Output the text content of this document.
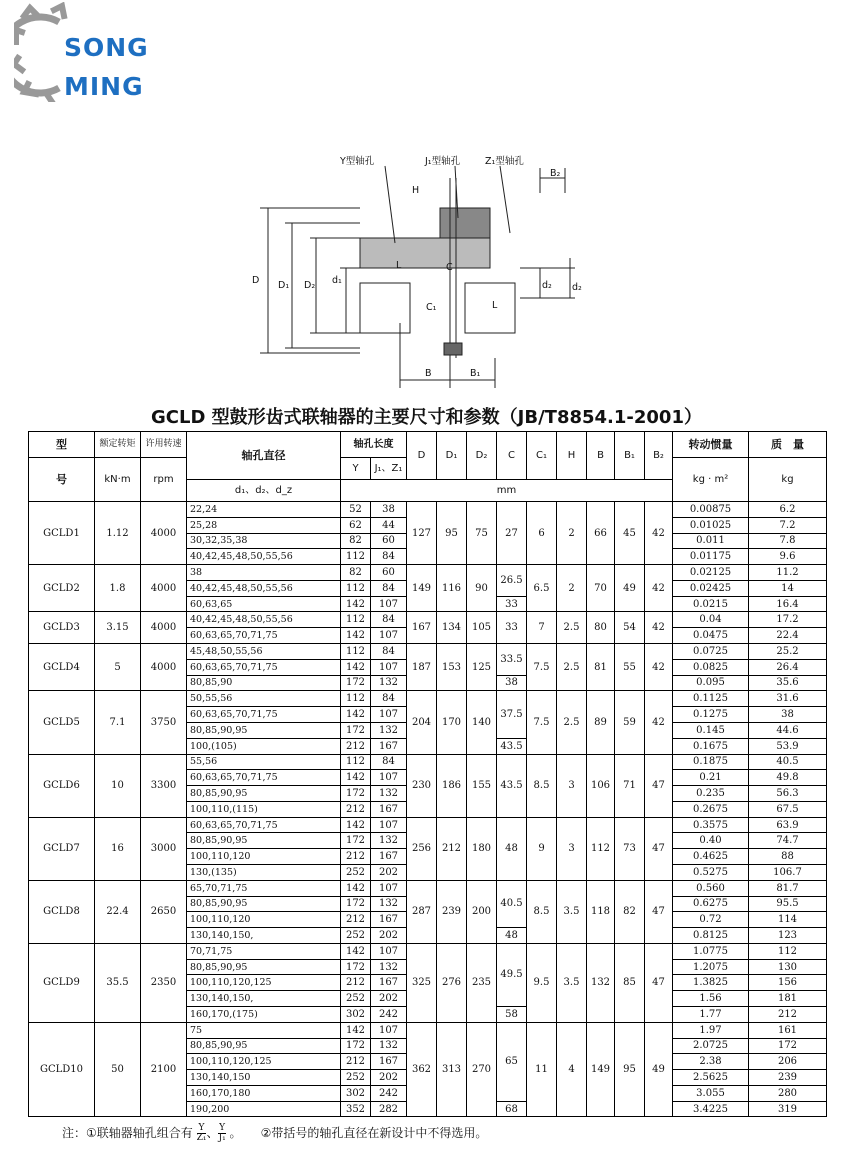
SONG
MING
Y型轴孔	J₁型轴孔	Z₁型轴孔
B₂
H
D D₁ D₂ d₁
L	C
C₁	L
d₂ d₂
B	B₁
GCLD 型鼓形齿式联轴器的主要尺寸和参数（JB/T8854.1-2001）
型	额定转矩	许用转速	轴孔直径	轴孔长度		D	D₁	D₂	C	C₁	H	B	B₁	B₂	转动惯量	质　量
号	kN·m	rpm		Y	J₁、Z₁										kg · m²	kg
			d₁、d₂、d_z	mm												
GCLD1	1.12	4000	22,24	52	38	127	95	75	27	6	2	66	45	42	0.00875	6.2
			25,28	62	44										0.01025	7.2
			30,32,35,38	82	60										0.011	7.8
			40,42,45,48,50,55,56	112	84										0.01175	9.6
GCLD2	1.8	4000	38	82	60	149	116	90	26.5	6.5	2	70	49	42	0.02125	11.2
			40,42,45,48,50,55,56	112	84										0.02425	14
			60,63,65	142	107				33						0.0215	16.4
GCLD3	3.15	4000	40,42,45,48,50,55,56	112	84	167	134	105	33	7	2.5	80	54	42	0.04	17.2
			60,63,65,70,71,75	142	107										0.0475	22.4
GCLD4	5	4000	45,48,50,55,56	112	84	187	153	125	33.5	7.5	2.5	81	55	42	0.0725	25.2
			60,63,65,70,71,75	142	107										0.0825	26.4
			80,85,90	172	132				38						0.095	35.6
GCLD5	7.1	3750	50,55,56	112	84	204	170	140	37.5	7.5	2.5	89	59	42	0.1125	31.6
			60,63,65,70,71,75	142	107										0.1275	38
			80,85,90,95	172	132										0.145	44.6
			100,(105)	212	167				43.5						0.1675	53.9
GCLD6	10	3300	55,56	112	84	230	186	155	43.5	8.5	3	106	71	47	0.1875	40.5
			60,63,65,70,71,75	142	107										0.21	49.8
			80,85,90,95	172	132										0.235	56.3
			100,110,(115)	212	167										0.2675	67.5
GCLD7	16	3000	60,63,65,70,71,75	142	107	256	212	180	48	9	3	112	73	47	0.3575	63.9
			80,85,90,95	172	132										0.40	74.7
			100,110,120	212	167										0.4625	88
			130,(135)	252	202										0.5275	106.7
GCLD8	22.4	2650	65,70,71,75	142	107	287	239	200	40.5	8.5	3.5	118	82	47	0.560	81.7
			80,85,90,95	172	132										0.6275	95.5
			100,110,120	212	167										0.72	114
			130,140,150,	252	202				48						0.8125	123
GCLD9	35.5	2350	70,71,75	142	107	325	276	235	49.5	9.5	3.5	132	85	47	1.0775	112
			80,85,90,95	172	132										1.2075	130
			100,110,120,125	212	167										1.3825	156
			130,140,150,	252	202										1.56	181
			160,170,(175)	302	242				58						1.77	212
GCLD10	50	2100	75	142	107	362	313	270	65	11	4	149	95	49	1.97	161
			80,85,90,95	172	132										2.0725	172
			100,110,120,125	212	167										2.38	206
			130,140,150	252	202										2.5625	239
			160,170,180	302	242										3.055	280
			190,200	352	282				68						3.4225	319
注：①联轴器轴孔组合有 $\frac{Y}{\text{Z₁}}$ 、 $\frac{Y}{\text{J₁}}$ 。 ②带括号的轴孔直径在新设计中不得选用。
